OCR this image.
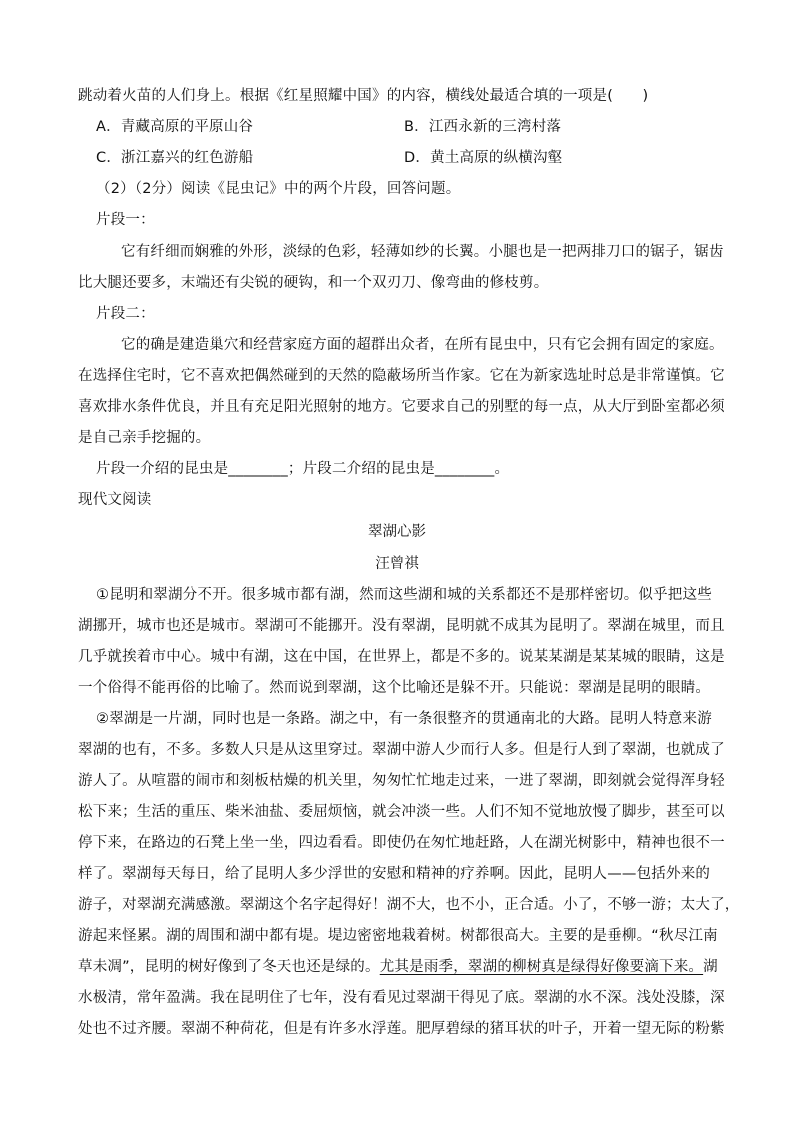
跳动着火苗的人们身上。根据《红星照耀中国》的内容，横线处最适合填的一项是(　　)
A．青藏高原的平原山谷	B．江西永新的三湾村落
C．浙江嘉兴的红色游船	D．黄土高原的纵横沟壑
（2）（2分）阅读《昆虫记》中的两个片段，回答问题。
片段一：
它有纤细而娴雅的外形，淡绿的色彩，轻薄如纱的长翼。小腿也是一把两排刀口的锯子，锯齿
比大腿还要多，末端还有尖锐的硬钩，和一个双刃刀、像弯曲的修枝剪。
片段二：
它的确是建造巢穴和经营家庭方面的超群出众者，在所有昆虫中，只有它会拥有固定的家庭。
在选择住宅时，它不喜欢把偶然碰到的天然的隐蔽场所当作家。它在为新家选址时总是非常谨慎。它
喜欢排水条件优良，并且有充足阳光照射的地方。它要求自己的别墅的每一点，从大厅到卧室都必须
是自己亲手挖掘的。
片段一介绍的昆虫是________；片段二介绍的昆虫是________。
现代文阅读
翠湖心影
汪曾祺
①昆明和翠湖分不开。很多城市都有湖，然而这些湖和城的关系都还不是那样密切。似乎把这些
湖挪开，城市也还是城市。翠湖可不能挪开。没有翠湖，昆明就不成其为昆明了。翠湖在城里，而且
几乎就挨着市中心。城中有湖，这在中国，在世界上，都是不多的。说某某湖是某某城的眼睛，这是
一个俗得不能再俗的比喻了。然而说到翠湖，这个比喻还是躲不开。只能说：翠湖是昆明的眼睛。
②翠湖是一片湖，同时也是一条路。湖之中，有一条很整齐的贯通南北的大路。昆明人特意来游
翠湖的也有，不多。多数人只是从这里穿过。翠湖中游人少而行人多。但是行人到了翠湖，也就成了
游人了。从喧嚣的闹市和刻板枯燥的机关里，匆匆忙忙地走过来，一进了翠湖，即刻就会觉得浑身轻
松下来；生活的重压、柴米油盐、委屈烦恼，就会冲淡一些。人们不知不觉地放慢了脚步，甚至可以
停下来，在路边的石凳上坐一坐，四边看看。即使仍在匆忙地赶路，人在湖光树影中，精神也很不一
样了。翠湖每天每日，给了昆明人多少浮世的安慰和精神的疗养啊。因此，昆明人——包括外来的
游子，对翠湖充满感激。翠湖这个名字起得好！湖不大，也不小，正合适。小了，不够一游；太大了，
游起来怪累。湖的周围和湖中都有堤。堤边密密地栽着树。树都很高大。主要的是垂柳。“秋尽江南
草未凋”，昆明的树好像到了冬天也还是绿的。尤其是雨季，翠湖的柳树真是绿得好像要滴下来。湖
水极清，常年盈满。我在昆明住了七年，没有看见过翠湖干得见了底。翠湖的水不深。浅处没膝，深
处也不过齐腰。翠湖不种荷花，但是有许多水浮莲。肥厚碧绿的猪耳状的叶子，开着一望无际的粉紫
